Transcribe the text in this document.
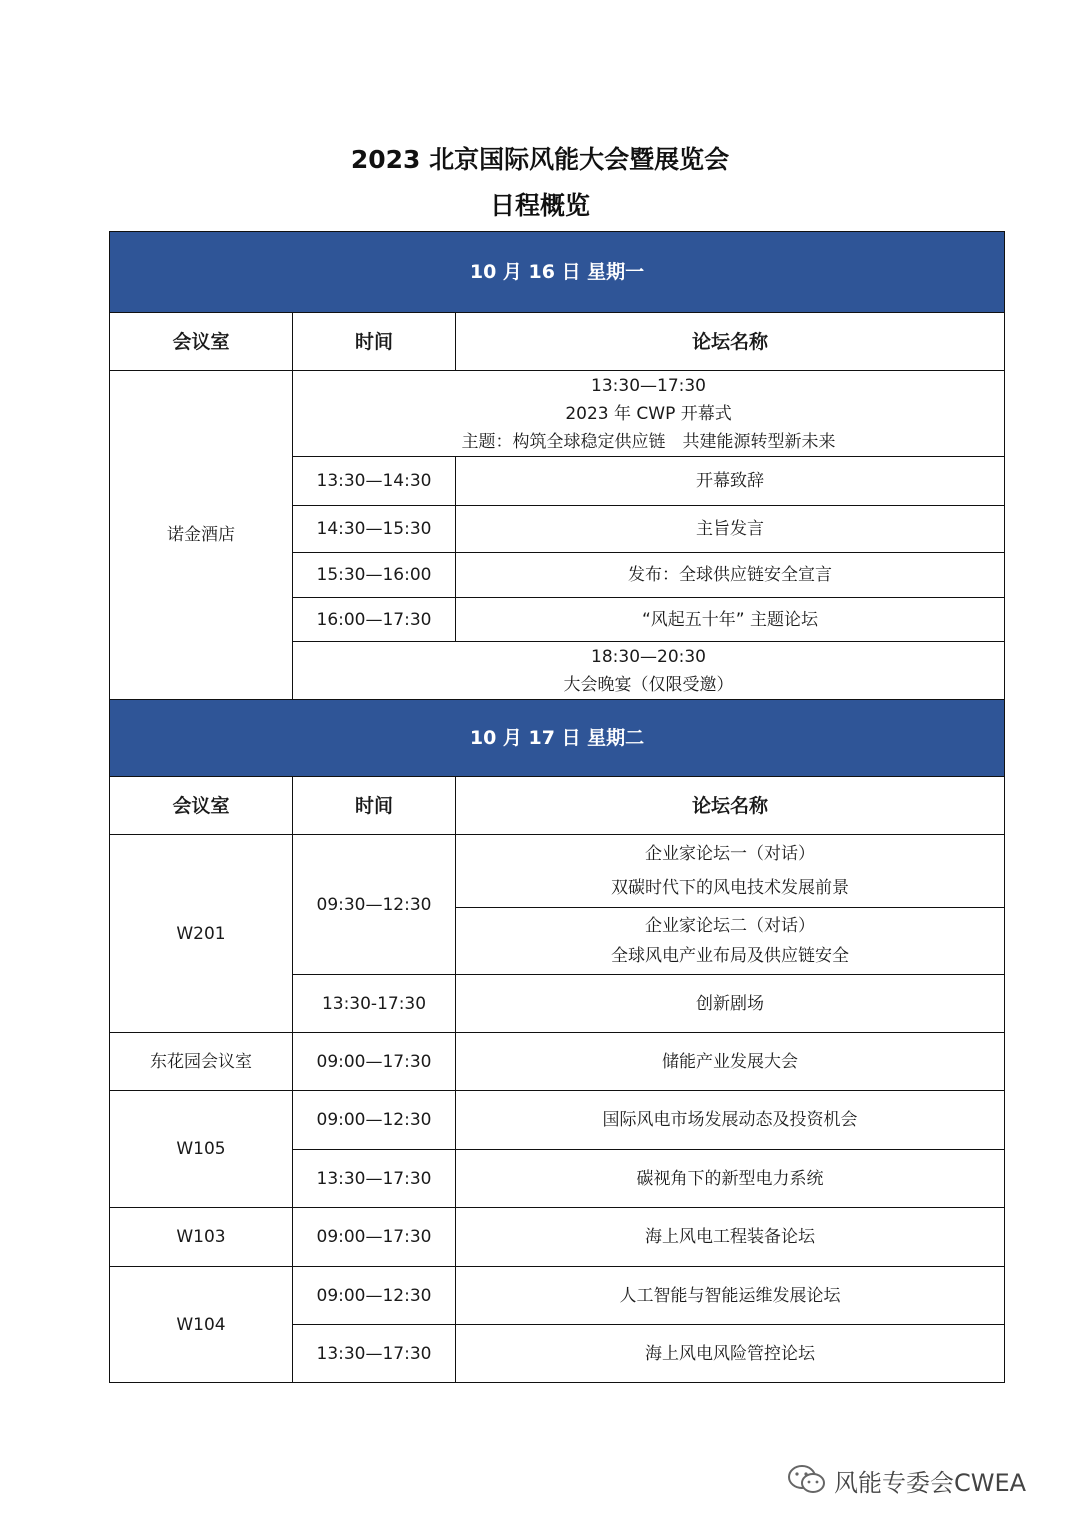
2023 北京国际风能大会暨展览会
日程概览
10 月 16 日 星期一		
会议室	时间	论坛名称
诺金酒店	13:30—17:30
2023 年 CWP 开幕式
主题：构筑全球稳定供应链　共建能源转型新未来	

	13:30—14:30	开幕致辞
	14:30—15:30	主旨发言
	15:30—16:00	发布：全球供应链安全宣言
	16:00—17:30	“风起五十年” 主题论坛

	18:30—20:30
大会晚宴（仅限受邀）	

10 月 17 日 星期二		
会议室	时间	论坛名称
W201	09:30—12:30	企业家论坛一（对话）
双碳时代下的风电技术发展前景

		企业家论坛二（对话）
全球风电产业布局及供应链安全

	13:30-17:30	创新剧场
东花园会议室	09:00—17:30	储能产业发展大会
W105	09:00—12:30	国际风电市场发展动态及投资机会
	13:30—17:30	碳视角下的新型电力系统
W103	09:00—17:30	海上风电工程装备论坛
W104	09:00—12:30	人工智能与智能运维发展论坛
	13:30—17:30	海上风电风险管控论坛
风能专委会CWEA
